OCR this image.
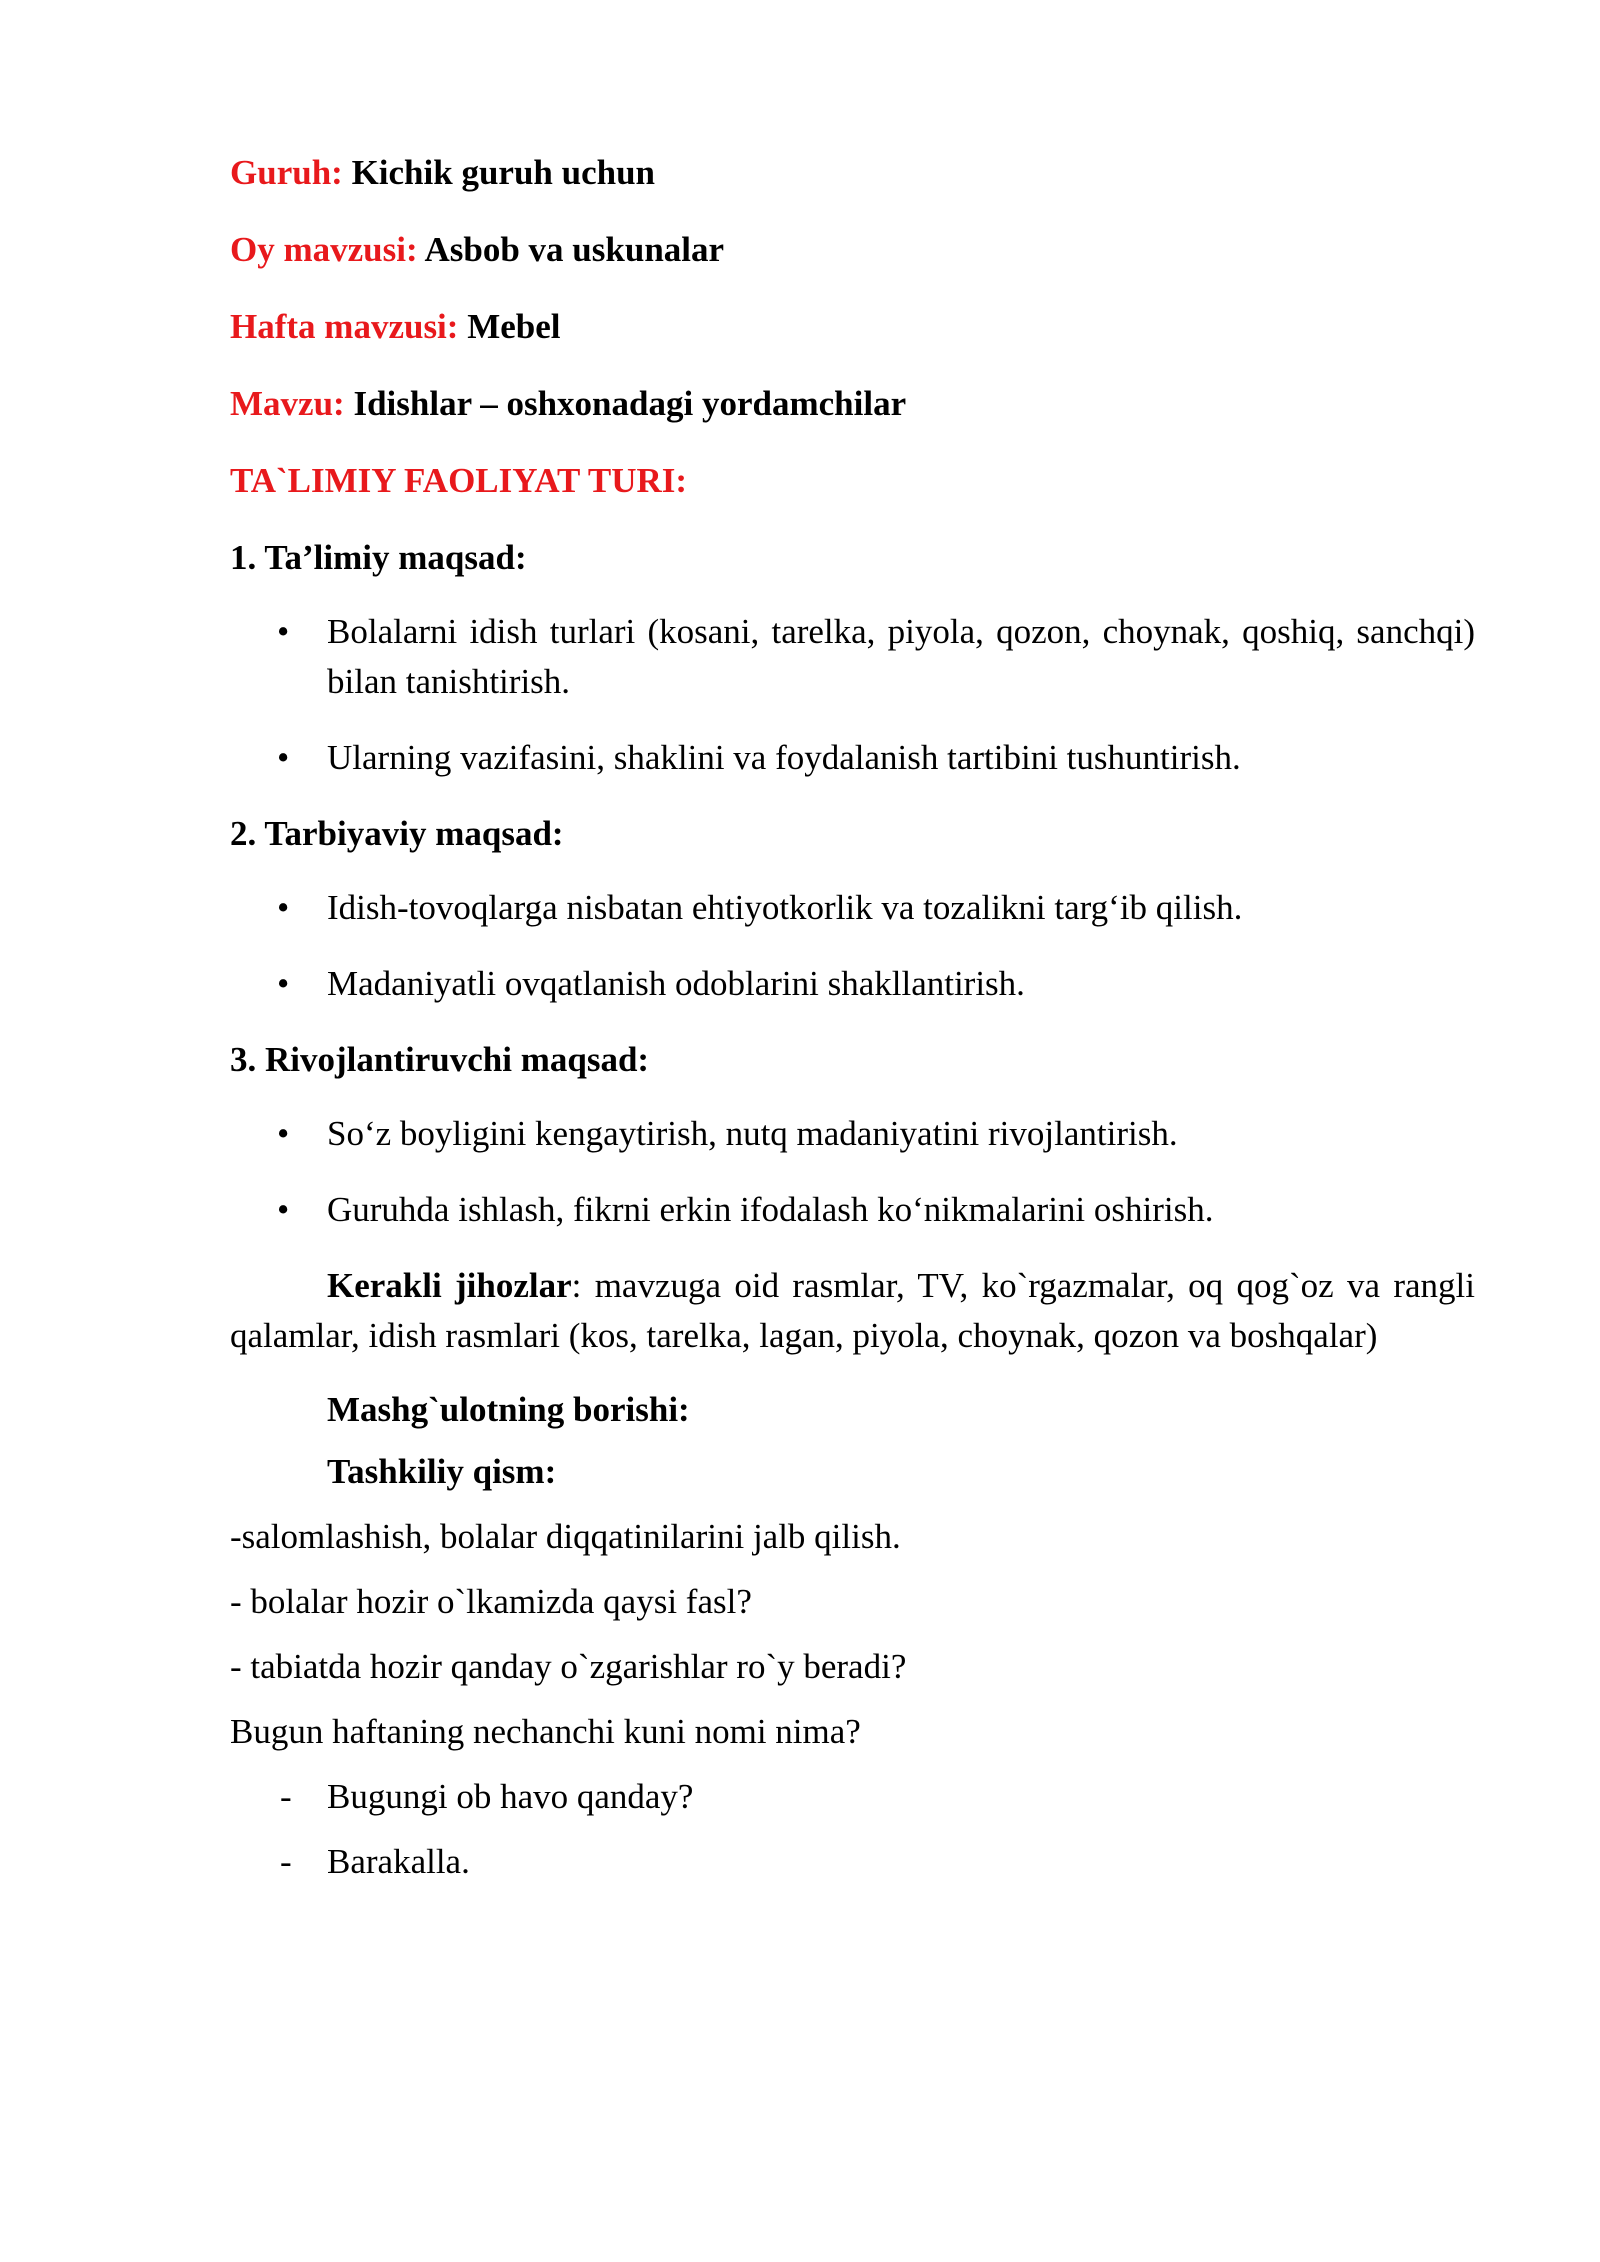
Guruh: Kichik guruh uchun
Oy mavzusi: Asbob va uskunalar
Hafta mavzusi: Mebel
Mavzu: Idishlar – oshxonadagi yordamchilar
TA`LIMIY FAOLIYAT TURI:
1. Ta’limiy maqsad:
• Bolalarni idish turlari (kosani, tarelka, piyola, qozon, choynak, qoshiq, sanchqi) bilan tanishtirish.
• Ularning vazifasini, shaklini va foydalanish tartibini tushuntirish.
2. Tarbiyaviy maqsad:
• Idish-tovoqlarga nisbatan ehtiyotkorlik va tozalikni targ‘ib qilish.
• Madaniyatli ovqatlanish odoblarini shakllantirish.
3. Rivojlantiruvchi maqsad:
• So‘z boyligini kengaytirish, nutq madaniyatini rivojlantirish.
• Guruhda ishlash, fikrni erkin ifodalash ko‘nikmalarini oshirish.

Kerakli jihozlar: mavzuga oid rasmlar, TV, ko`rgazmalar, oq qog`oz va rangli qalamlar, idish rasmlari (kos, tarelka, lagan, piyola, choynak, qozon va boshqalar)

Mashg`ulotning borishi:
Tashkiliy qism:
-salomlashish, bolalar diqqatinilarini jalb qilish.
- bolalar hozir o`lkamizda qaysi fasl?
- tabiatda hozir qanday o`zgarishlar ro`y beradi?
Bugun haftaning nechanchi kuni nomi nima?
- Bugungi ob havo qanday?
- Barakalla.
